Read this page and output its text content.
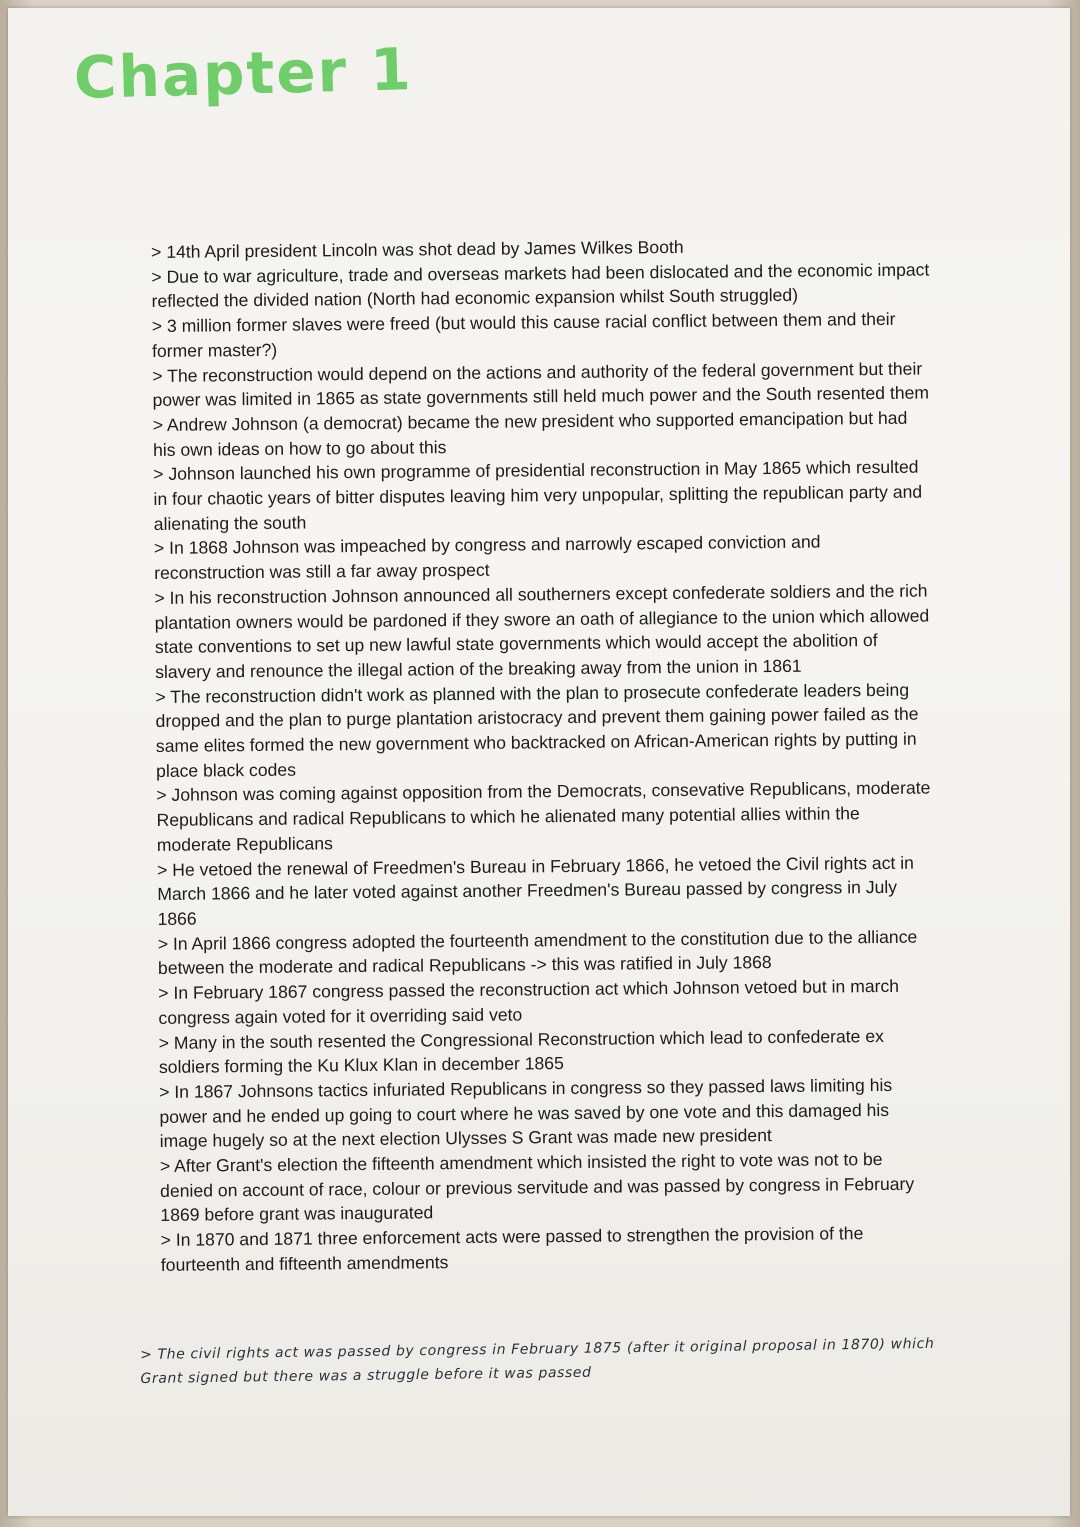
Chapter 1
> 14th April president Lincoln was shot dead by James Wilkes Booth
> Due to war agriculture, trade and overseas markets had been dislocated and the economic impact reflected the divided nation (North had economic expansion whilst South struggled)
> 3 million former slaves were freed (but would this cause racial conflict between them and their former master?)
> The reconstruction would depend on the actions and authority of the federal government but their power was limited in 1865 as state governments still held much power and the South resented them
> Andrew Johnson (a democrat) became the new president who supported emancipation but had his own ideas on how to go about this
> Johnson launched his own programme of presidential reconstruction in May 1865 which resulted in four chaotic years of bitter disputes leaving him very unpopular, splitting the republican party and alienating the south
> In 1868 Johnson was impeached by congress and narrowly escaped conviction and reconstruction was still a far away prospect
> In his reconstruction Johnson announced all southerners except confederate soldiers and the rich plantation owners would be pardoned if they swore an oath of allegiance to the union which allowed state conventions to set up new lawful state governments which would accept the abolition of slavery and renounce the illegal action of the breaking away from the union in 1861
> The reconstruction didn't work as planned with the plan to prosecute confederate leaders being dropped and the plan to purge plantation aristocracy and prevent them gaining power failed as the same elites formed the new government who backtracked on African-American rights by putting in place black codes
> Johnson was coming against opposition from the Democrats, consevative Republicans, moderate Republicans and radical Republicans to which he alienated many potential allies within the moderate Republicans
> He vetoed the renewal of Freedmen's Bureau in February 1866, he vetoed the Civil rights act in March 1866 and he later voted against another Freedmen's Bureau passed by congress in July 1866
> In April 1866 congress adopted the fourteenth amendment to the constitution due to the alliance between the moderate and radical Republicans -> this was ratified in July 1868
> In February 1867 congress passed the reconstruction act which Johnson vetoed but in march congress again voted for it overriding said veto
> Many in the south resented the Congressional Reconstruction which lead to confederate ex soldiers forming the Ku Klux Klan in december 1865
> In 1867 Johnsons tactics infuriated Republicans in congress so they passed laws limiting his power and he ended up going to court where he was saved by one vote and this damaged his image hugely so at the next election Ulysses S Grant was made new president
> After Grant's election the fifteenth amendment which insisted the right to vote was not to be denied on account of race, colour or previous servitude and was passed by congress in February 1869 before grant was inaugurated
> In 1870 and 1871 three enforcement acts were passed to strengthen the provision of the fourteenth and fifteenth amendments

> The civil rights act was passed by congress in February 1875 (after it original proposal in 1870) which Grant signed but there was a struggle before it was passed
